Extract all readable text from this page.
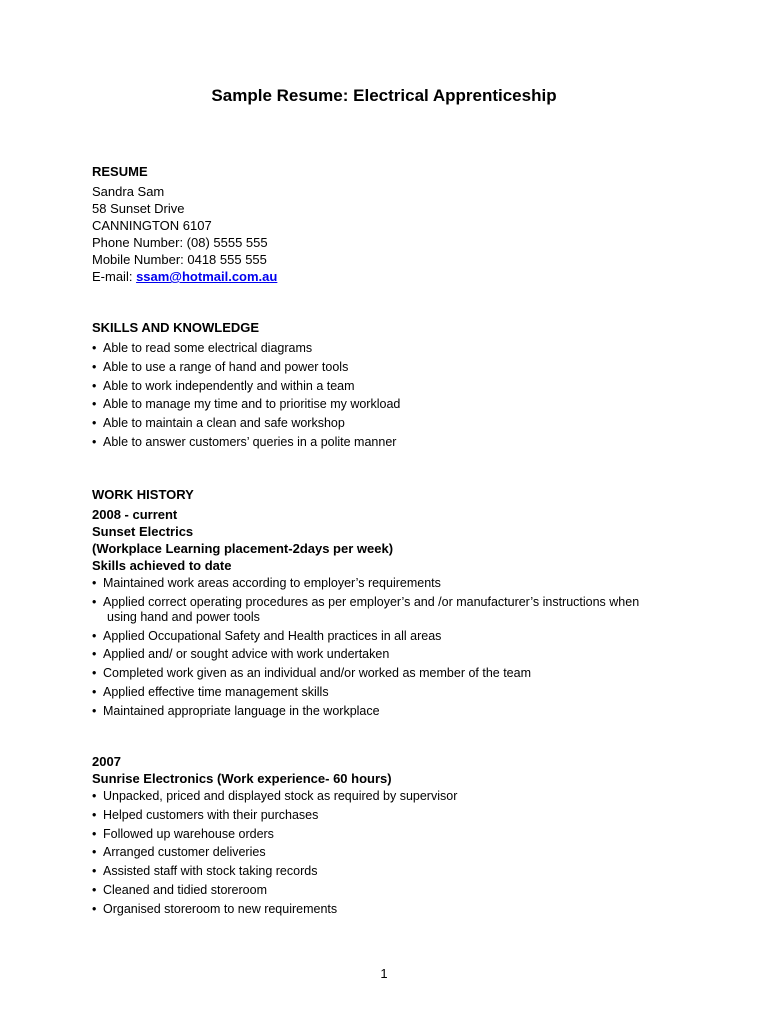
Sample Resume: Electrical Apprenticeship
RESUME
Sandra Sam
58 Sunset Drive
CANNINGTON 6107
Phone Number: (08) 5555 555
Mobile Number: 0418 555 555
E-mail: ssam@hotmail.com.au
SKILLS AND KNOWLEDGE
• Able to read some electrical diagrams
• Able to use a range of hand and power tools
• Able to work independently and within a team
• Able to manage my time and to prioritise my workload
• Able to maintain a clean and safe workshop
• Able to answer customers’ queries in a polite manner
WORK HISTORY
2008 - current
Sunset Electrics
(Workplace Learning placement-2days per week)
Skills achieved to date
• Maintained work areas according to employer’s requirements
• Applied correct operating procedures as per employer’s and /or manufacturer’s instructions when
using hand and power tools
• Applied Occupational Safety and Health practices in all areas
• Applied and/ or sought advice with work undertaken
• Completed work given as an individual and/or worked as member of the team
• Applied effective time management skills
• Maintained appropriate language in the workplace
2007
Sunrise Electronics (Work experience- 60 hours)
• Unpacked, priced and displayed stock as required by supervisor
• Helped customers with their purchases
• Followed up warehouse orders
• Arranged customer deliveries
• Assisted staff with stock taking records
• Cleaned and tidied storeroom
• Organised storeroom to new requirements
1
